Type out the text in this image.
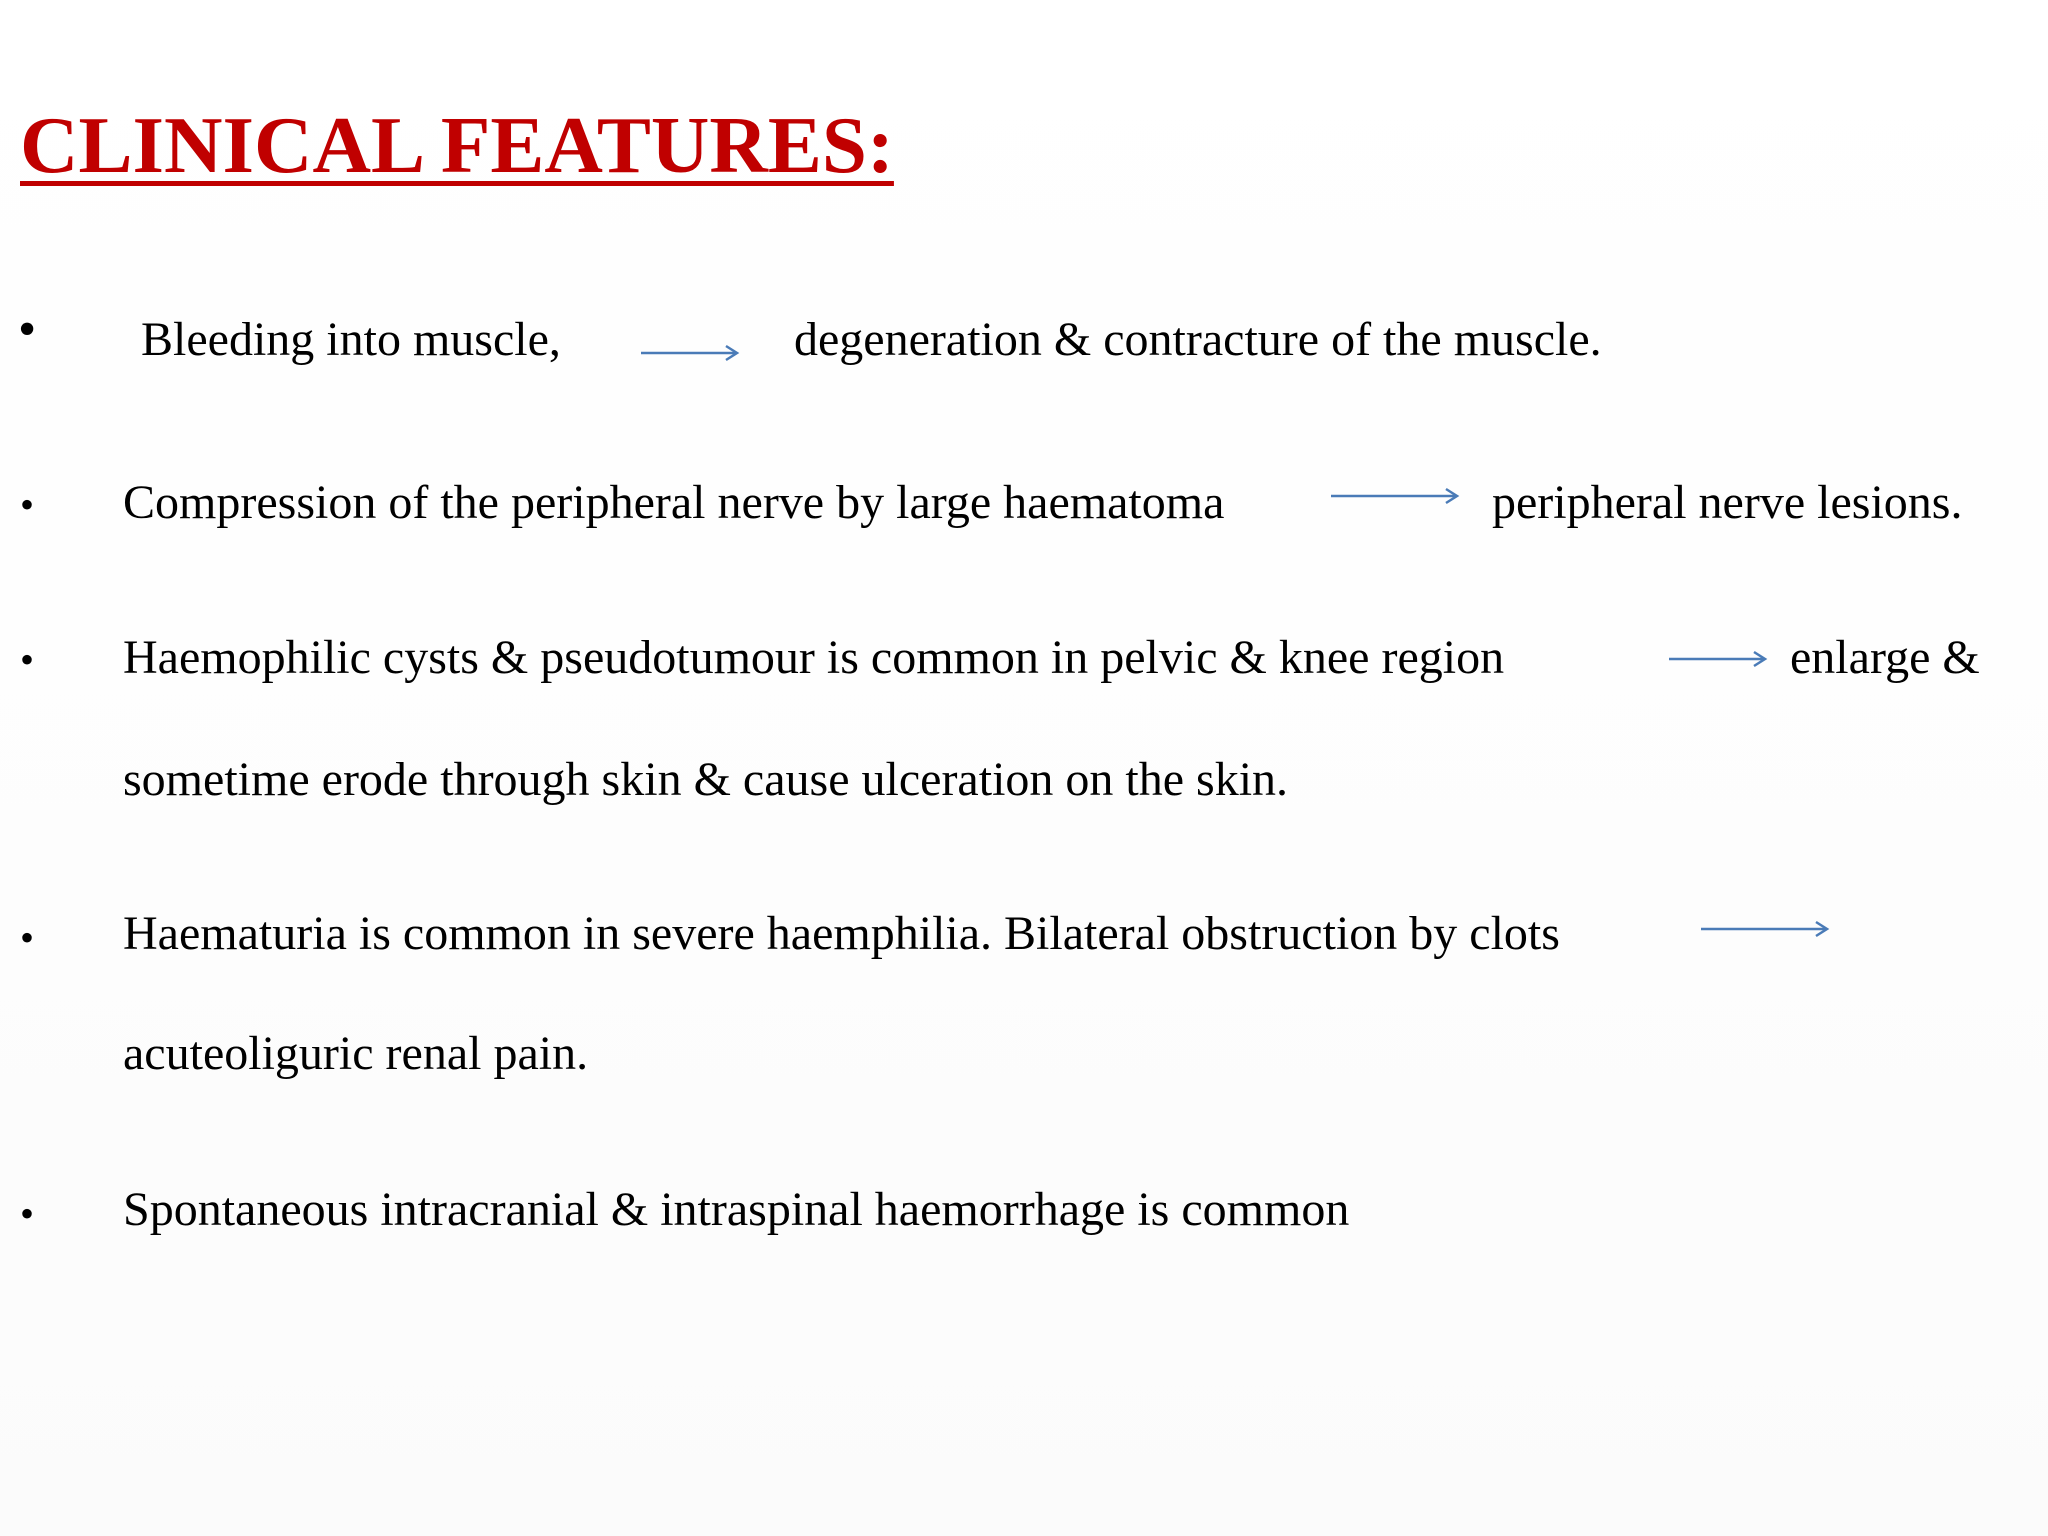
CLINICAL FEATURES:
• Bleeding into muscle,	degeneration & contracture of the muscle.

• Compression of the peripheral nerve by large haematoma	peripheral nerve lesions.

• Haemophilic cysts & pseudotumour is common in pelvic & knee region	enlarge &

sometime erode through skin & cause ulceration on the skin.

• Haematuria is common in severe haemphilia. Bilateral obstruction by clots

acuteoliguric renal pain.

• Spontaneous intracranial & intraspinal haemorrhage is common
